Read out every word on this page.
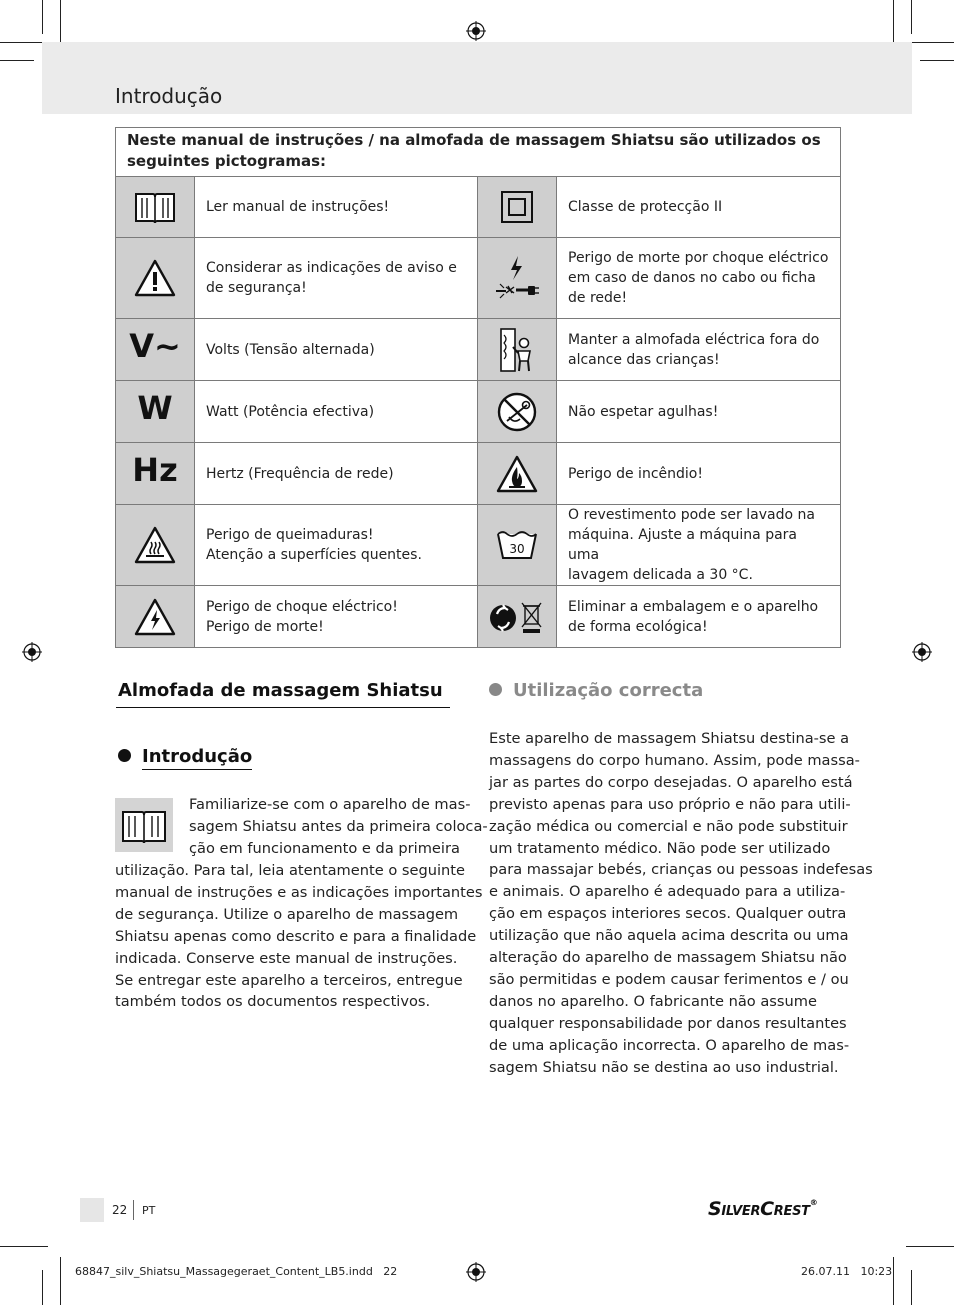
Introdução
Neste manual de instruções / na almofada de massagem Shiatsu são utilizados os seguintes pictogramas:			

Ler manual de instruções!		Classe de protecção II

Considerar as indicações de aviso e
de segurança!		Perigo de morte por choque eléctrico
em caso de danos no cabo ou ficha
de rede!

V~	Volts (Tensão alternada)		Manter a almofada eléctrica fora do
alcance das crianças!

W	Watt (Potência efectiva)		Não espetar agulhas!

Hz	Hertz (Frequência de rede)		Perigo de incêndio!

Perigo de queimaduras!
Atenção a superfícies quentes.	30	O revestimento pode ser lavado na
máquina. Ajuste a máquina para uma
lavagem delicada a 30 °C.

Perigo de choque eléctrico!
Perigo de morte!		Eliminar a embalagem e o aparelho
de forma ecológica!
Almofada de massagem Shiatsu
Introdução
Familiarize-se com o aparelho de mas-
sagem Shiatsu antes da primeira coloca-
ção em funcionamento e da primeira
utilização. Para tal, leia atentamente o seguinte
manual de instruções e as indicações importantes
de segurança. Utilize o aparelho de massagem
Shiatsu apenas como descrito e para a finalidade
indicada. Conserve este manual de instruções.
Se entregar este aparelho a terceiros, entregue
também todos os documentos respectivos.
Utilização correcta
Este aparelho de massagem Shiatsu destina-se a
massagens do corpo humano. Assim, pode massa-
jar as partes do corpo desejadas. O aparelho está
previsto apenas para uso próprio e não para utili-
zação médica ou comercial e não pode substituir
um tratamento médico. Não pode ser utilizado
para massajar bebés, crianças ou pessoas indefesas
e animais. O aparelho é adequado para a utiliza-
ção em espaços interiores secos. Qualquer outra
utilização que não aquela acima descrita ou uma
alteração do aparelho de massagem Shiatsu não
são permitidas e podem causar ferimentos e / ou
danos no aparelho. O fabricante não assume
qualquer responsabilidade por danos resultantes
de uma aplicação incorrecta. O aparelho de mas-
sagem Shiatsu não se destina ao uso industrial.
22 PT	SilverCrest®
68847_silv_Shiatsu_Massagegeraet_Content_LB5.indd   22	26.07.11   10:23
